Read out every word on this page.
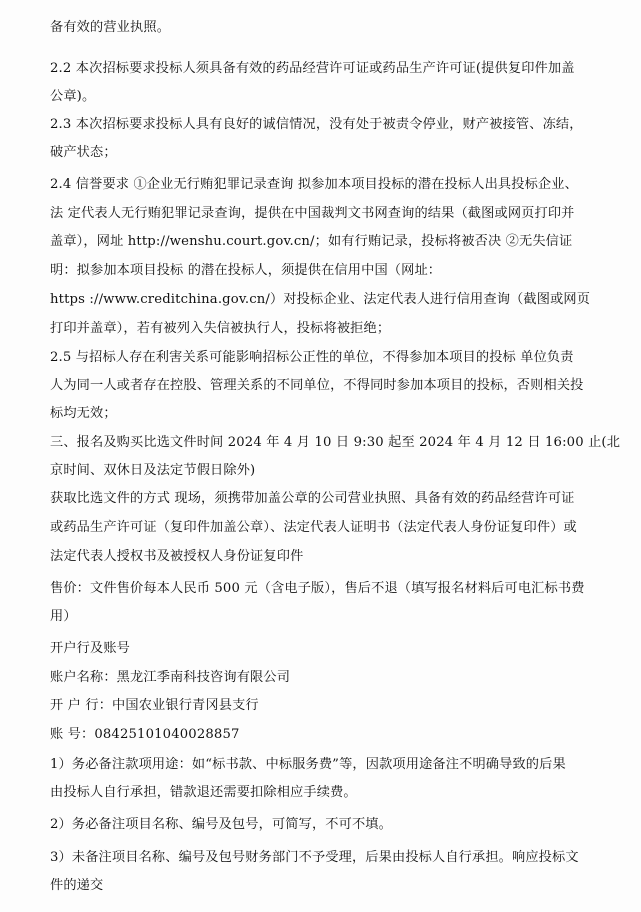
备有效的营业执照。
2.2 本次招标要求投标人须具备有效的药品经营许可证或药品生产许可证(提供复印件加盖
公章)。
2.3 本次招标要求投标人具有良好的诚信情况，没有处于被责令停业，财产被接管、冻结，
破产状态；
2.4 信誉要求 ①企业无行贿犯罪记录查询 拟参加本项目投标的潜在投标人出具投标企业、
法 定代表人无行贿犯罪记录查询，提供在中国裁判文书网查询的结果（截图或网页打印并
盖章），网址 http://wenshu.court.gov.cn/；如有行贿记录，投标将被否决 ②无失信证
明：拟参加本项目投标 的潜在投标人，须提供在信用中国（网址：
https ://www.creditchina.gov.cn/）对投标企业、法定代表人进行信用查询（截图或网页
打印并盖章），若有被列入失信被执行人，投标将被拒绝；
2.5 与招标人存在利害关系可能影响招标公正性的单位，不得参加本项目的投标 单位负责
人为同一人或者存在控股、管理关系的不同单位，不得同时参加本项目的投标，否则相关投
标均无效；
三、报名及购买比选文件时间 2024 年 4 月 10 日 9:30 起至 2024 年 4 月 12 日 16:00 止(北
京时间、双休日及法定节假日除外)
获取比选文件的方式 现场，须携带加盖公章的公司营业执照、具备有效的药品经营许可证
或药品生产许可证（复印件加盖公章）、法定代表人证明书（法定代表人身份证复印件）或
法定代表人授权书及被授权人身份证复印件
售价：文件售价每本人民币 500 元（含电子版），售后不退（填写报名材料后可电汇标书费
用）
开户行及账号
账户名称：黑龙江季南科技咨询有限公司
开 户 行：中国农业银行青冈县支行
账 号：08425101040028857
1）务必备注款项用途：如“标书款、中标服务费”等，因款项用途备注不明确导致的后果
由投标人自行承担，错款退还需要扣除相应手续费。
2）务必备注项目名称、编号及包号，可简写，不可不填。
3）未备注项目名称、编号及包号财务部门不予受理，后果由投标人自行承担。响应投标文
件的递交
